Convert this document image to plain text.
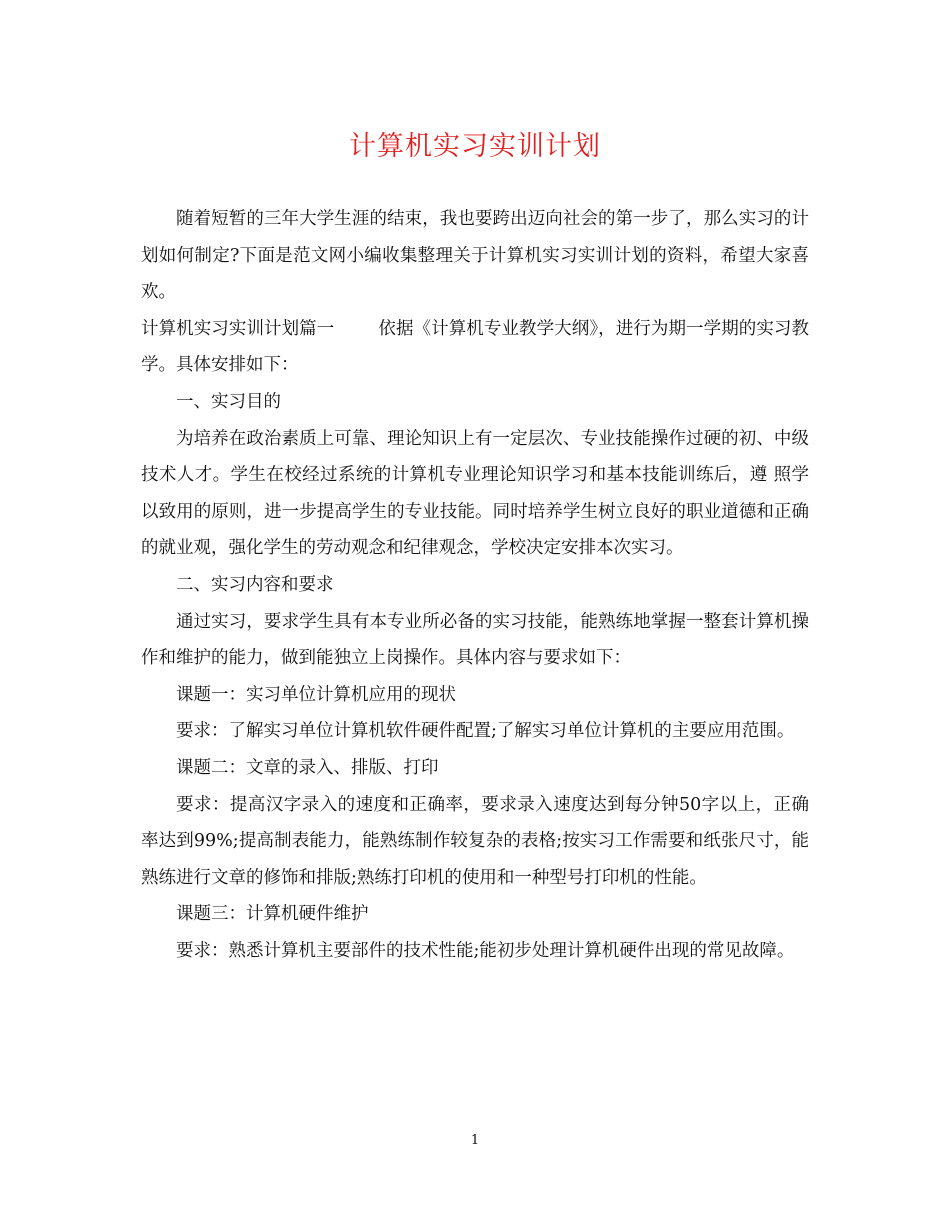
计算机实习实训计划

随着短暂的三年大学生涯的结束，我也要跨出迈向社会的第一步了，那么实习的计划如何制定?下面是范文网小编收集整理关于计算机实习实训计划的资料，希望大家喜欢。

计算机实习实训计划篇一	依据《计算机专业教学大纲》，进行为期一学期的实习教学。具体安排如下：

一、实习目的

为培养在政治素质上可靠、理论知识上有一定层次、专业技能操作过硬的初、中级技术人才。学生在校经过系统的计算机专业理论知识学习和基本技能训练后，遵 照学以致用的原则，进一步提高学生的专业技能。同时培养学生树立良好的职业道德和正确的就业观，强化学生的劳动观念和纪律观念，学校决定安排本次实习。

二、实习内容和要求

通过实习，要求学生具有本专业所必备的实习技能，能熟练地掌握一整套计算机操作和维护的能力，做到能独立上岗操作。具体内容与要求如下：

课题一：实习单位计算机应用的现状

要求：了解实习单位计算机软件硬件配置;了解实习单位计算机的主要应用范围。

课题二：文章的录入、排版、打印

要求：提高汉字录入的速度和正确率，要求录入速度达到每分钟50字以上，正确率达到99%;提高制表能力，能熟练制作较复杂的表格;按实习工作需要和纸张尺寸，能熟练进行文章的修饰和排版;熟练打印机的使用和一种型号打印机的性能。

课题三：计算机硬件维护

要求：熟悉计算机主要部件的技术性能;能初步处理计算机硬件出现的常见故障。

1
